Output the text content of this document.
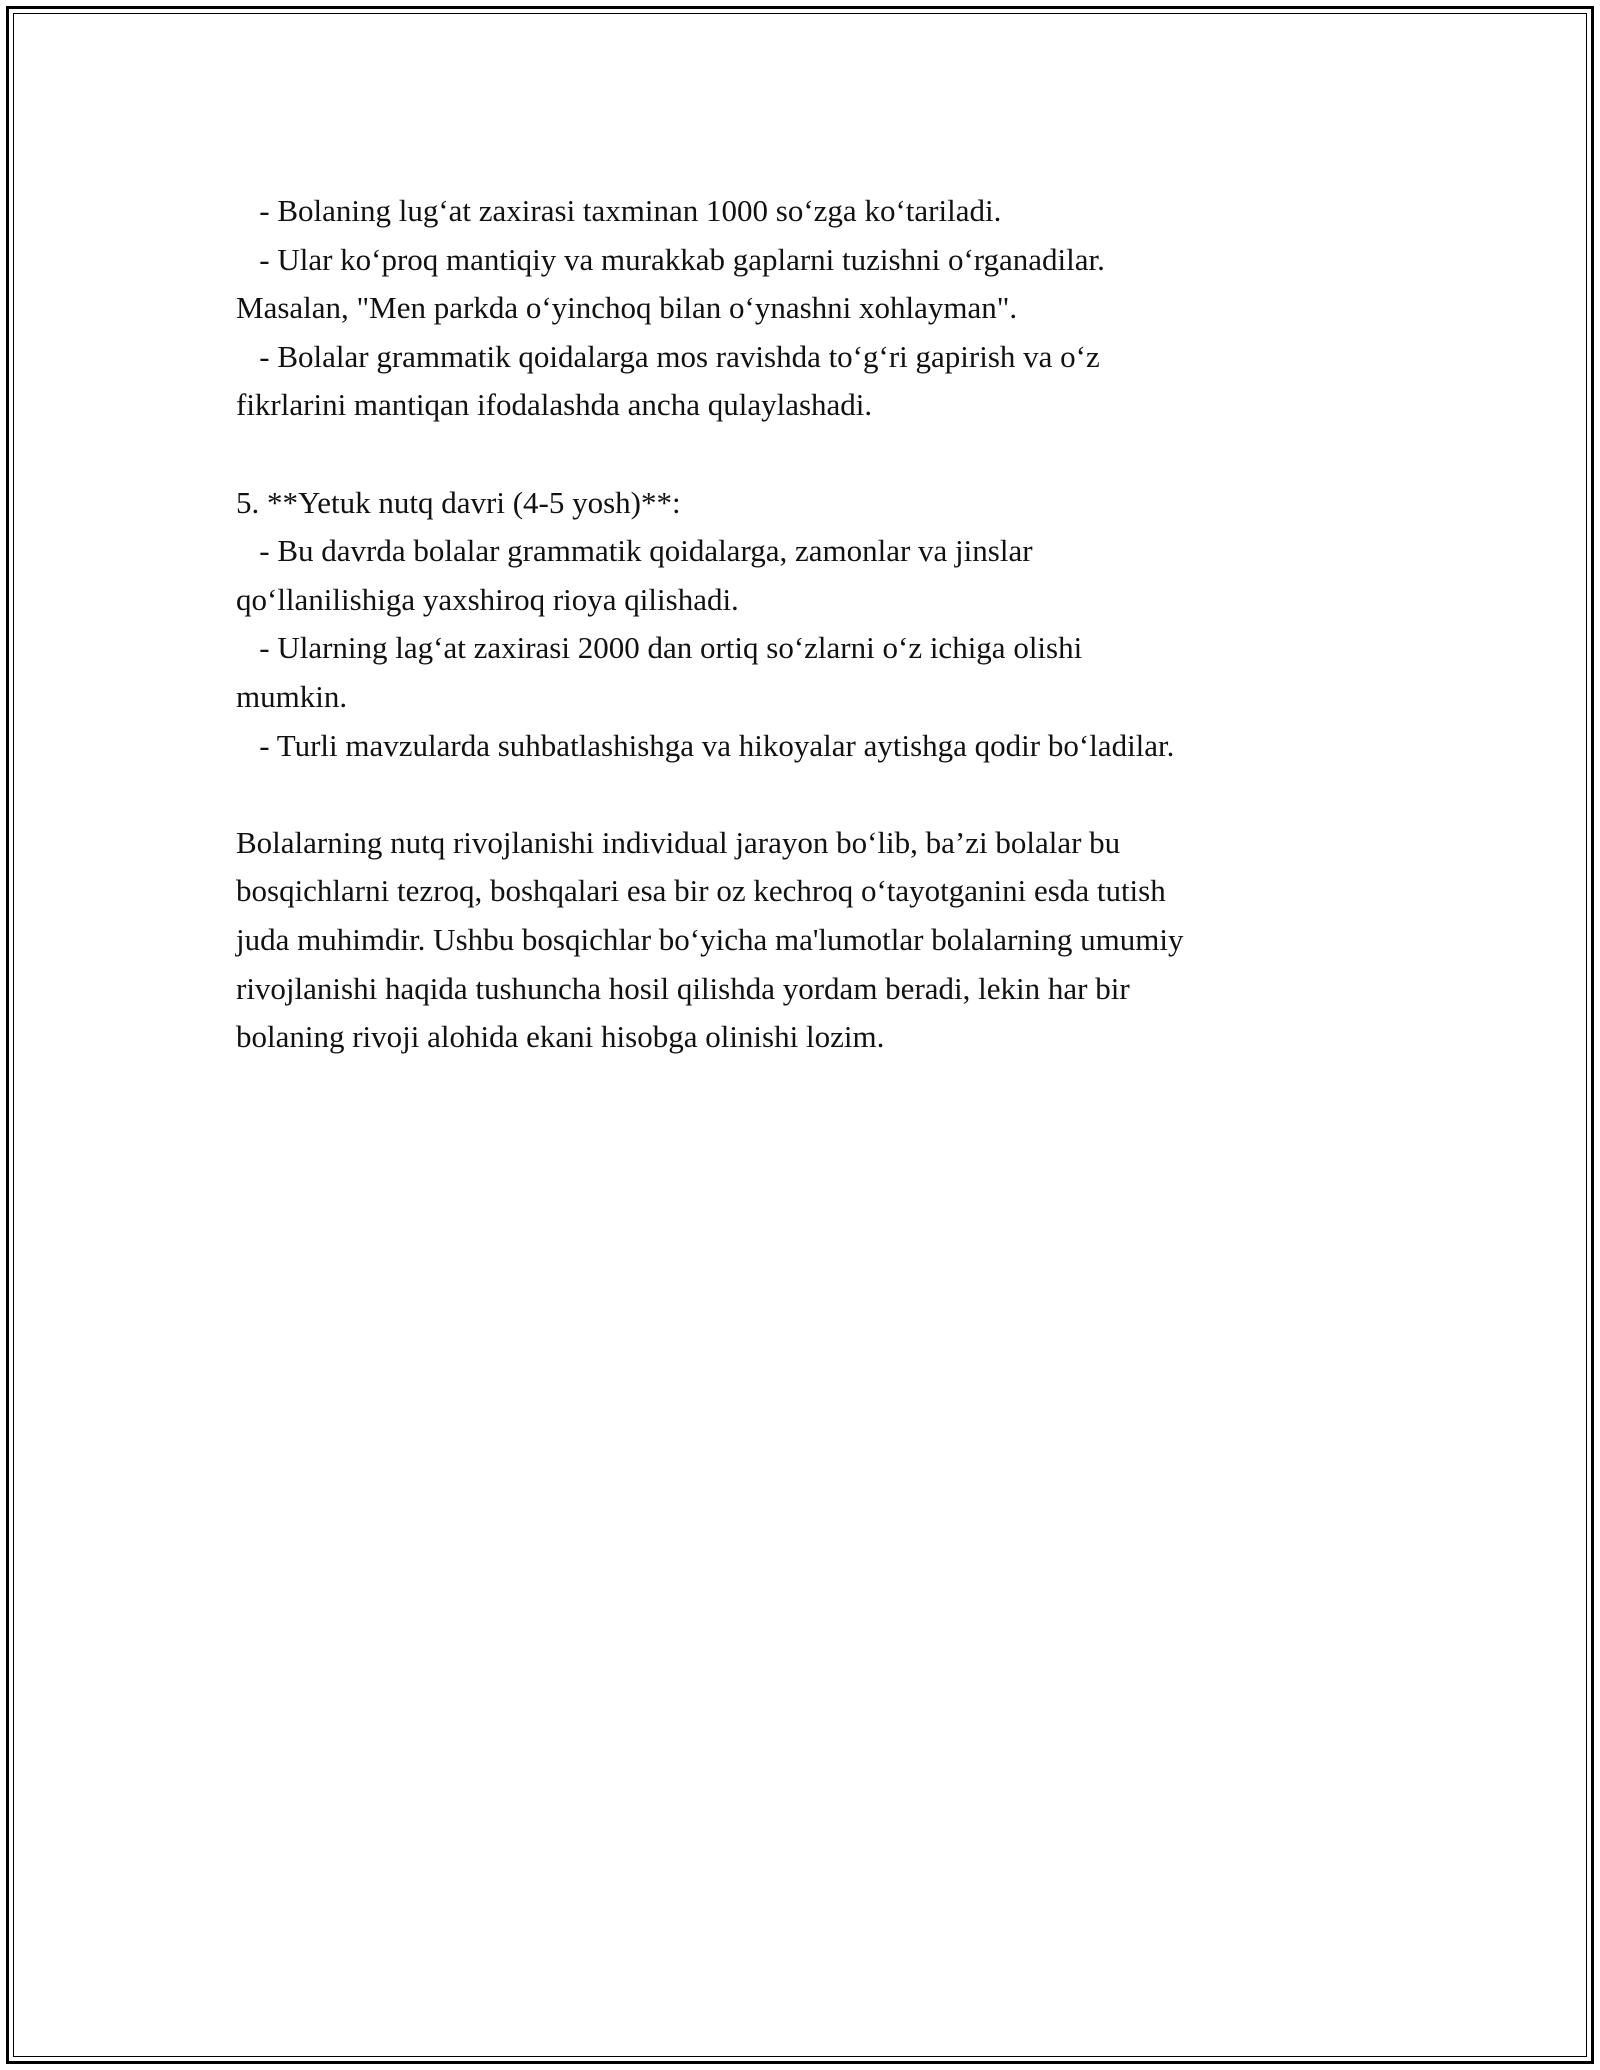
- Bolaning lug‘at zaxirasi taxminan 1000 so‘zga ko‘tariladi.
- Ular ko‘proq mantiqiy va murakkab gaplarni tuzishni o‘rganadilar.
Masalan, "Men parkda o‘yinchoq bilan o‘ynashni xohlayman".
- Bolalar grammatik qoidalarga mos ravishda to‘g‘ri gapirish va o‘z
fikrlarini mantiqan ifodalashda ancha qulaylashadi.
5. **Yetuk nutq davri (4-5 yosh)**:
- Bu davrda bolalar grammatik qoidalarga, zamonlar va jinslar
qo‘llanilishiga yaxshiroq rioya qilishadi.
- Ularning lag‘at zaxirasi 2000 dan ortiq so‘zlarni o‘z ichiga olishi
mumkin.
- Turli mavzularda suhbatlashishga va hikoyalar aytishga qodir bo‘ladilar.
Bolalarning nutq rivojlanishi individual jarayon bo‘lib, ba’zi bolalar bu
bosqichlarni tezroq, boshqalari esa bir oz kechroq o‘tayotganini esda tutish
juda muhimdir. Ushbu bosqichlar bo‘yicha ma'lumotlar bolalarning umumiy
rivojlanishi haqida tushuncha hosil qilishda yordam beradi, lekin har bir
bolaning rivoji alohida ekani hisobga olinishi lozim.
